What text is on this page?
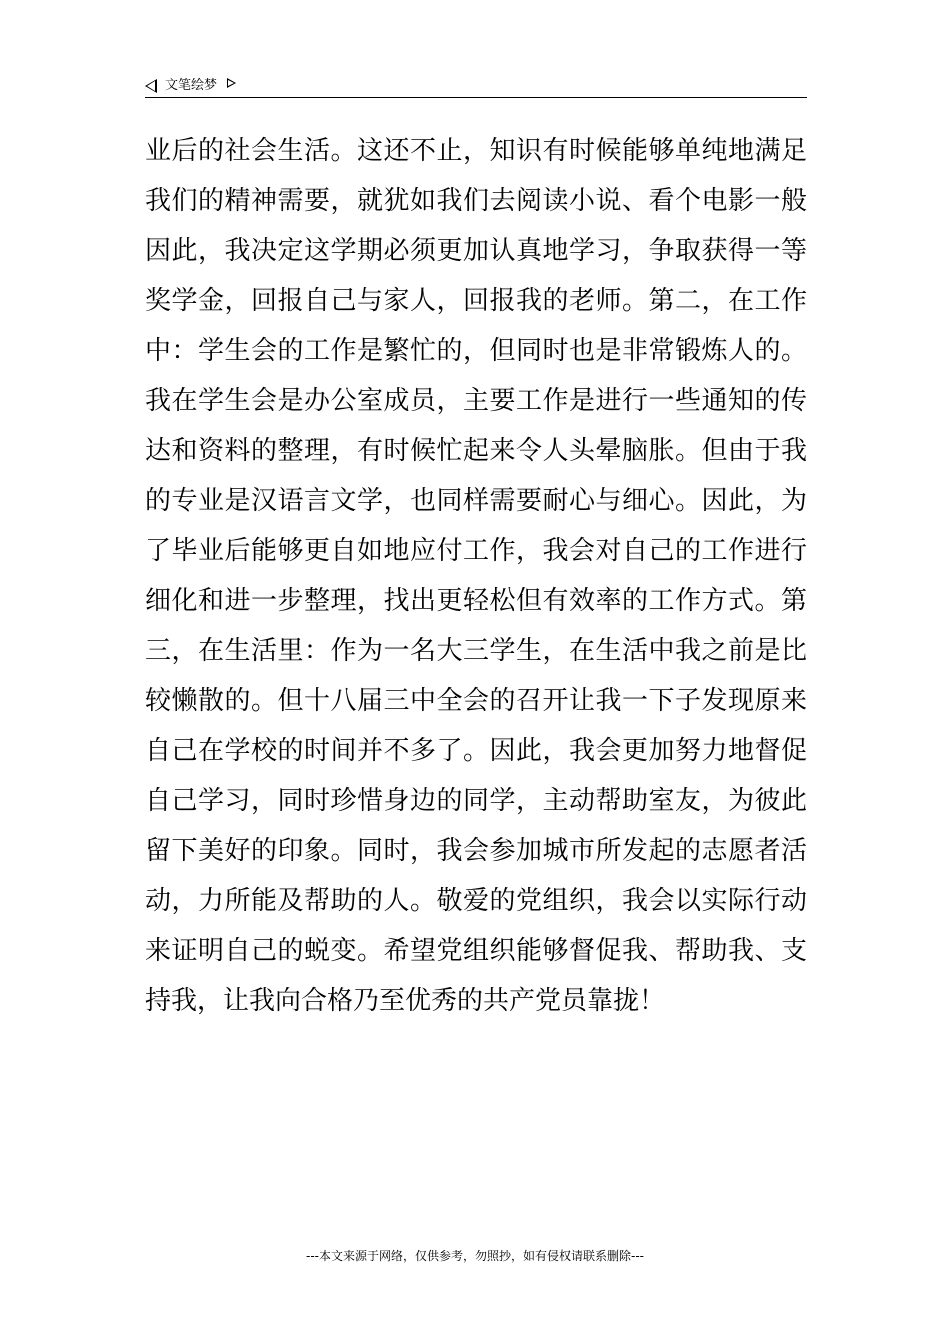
文笔绘梦
业后的社会生活。这还不止，知识有时候能够单纯地满足
我们的精神需要，就犹如我们去阅读小说、看个电影一般
因此，我决定这学期必须更加认真地学习，争取获得一等
奖学金，回报自己与家人，回报我的老师。第二，在工作
中：学生会的工作是繁忙的，但同时也是非常锻炼人的。
我在学生会是办公室成员，主要工作是进行一些通知的传
达和资料的整理，有时候忙起来令人头晕脑胀。但由于我
的专业是汉语言文学，也同样需要耐心与细心。因此，为
了毕业后能够更自如地应付工作，我会对自己的工作进行
细化和进一步整理，找出更轻松但有效率的工作方式。第
三，在生活里：作为一名大三学生，在生活中我之前是比
较懒散的。但十八届三中全会的召开让我一下子发现原来
自己在学校的时间并不多了。因此，我会更加努力地督促
自己学习，同时珍惜身边的同学，主动帮助室友，为彼此
留下美好的印象。同时，我会参加城市所发起的志愿者活
动，力所能及帮助的人。敬爱的党组织，我会以实际行动
来证明自己的蜕变。希望党组织能够督促我、帮助我、支
持我，让我向合格乃至优秀的共产党员靠拢！
---本文来源于网络，仅供参考，勿照抄，如有侵权请联系删除---
